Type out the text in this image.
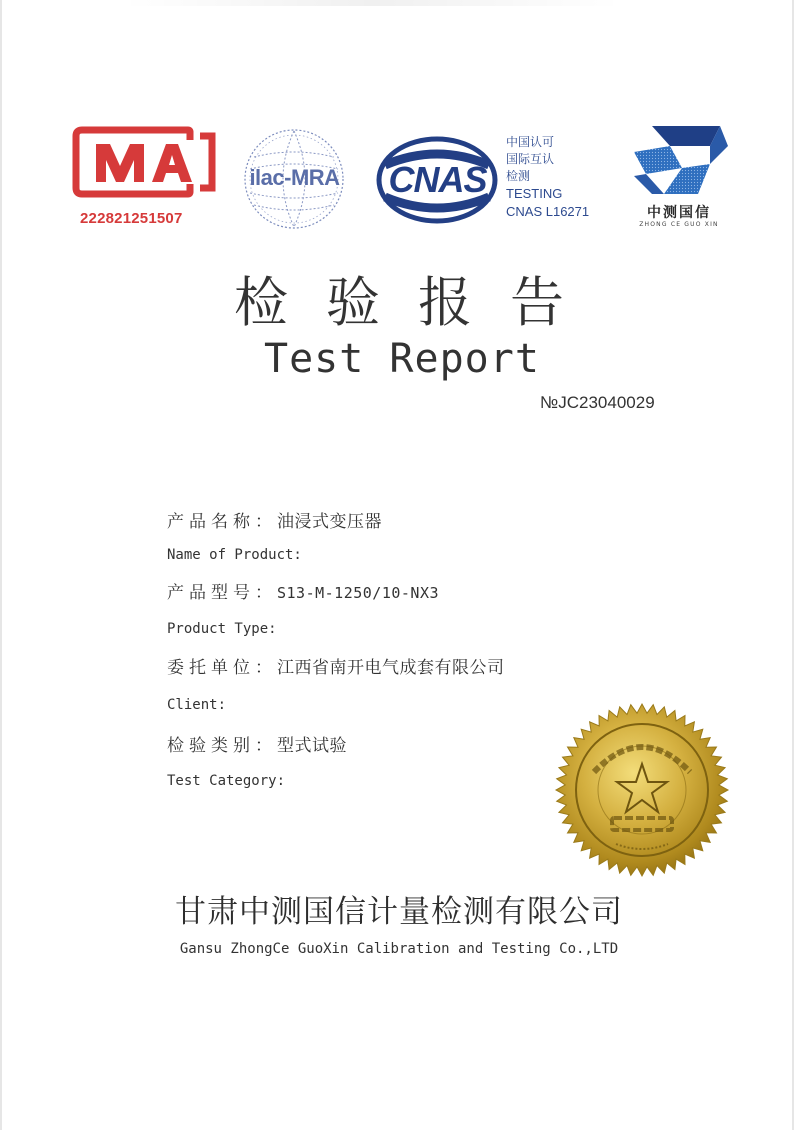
222821251507
ilac-MRA	CNAS
中国认可
国际互认
检测
TESTING
CNAS L16271	中测国信
ZHONG CE GUO XIN
检验报告
Test Report
№JC23040029
产品名称：油浸式变压器
Name of Product:
产品型号：S13-M-1250/10-NX3
Product Type:
委托单位：江西省南开电气成套有限公司
Client:
检验类别：型式试验
Test Category:
甘肃中测国信计量检测有限公司
Gansu ZhongCe GuoXin Calibration and Testing Co.,LTD
